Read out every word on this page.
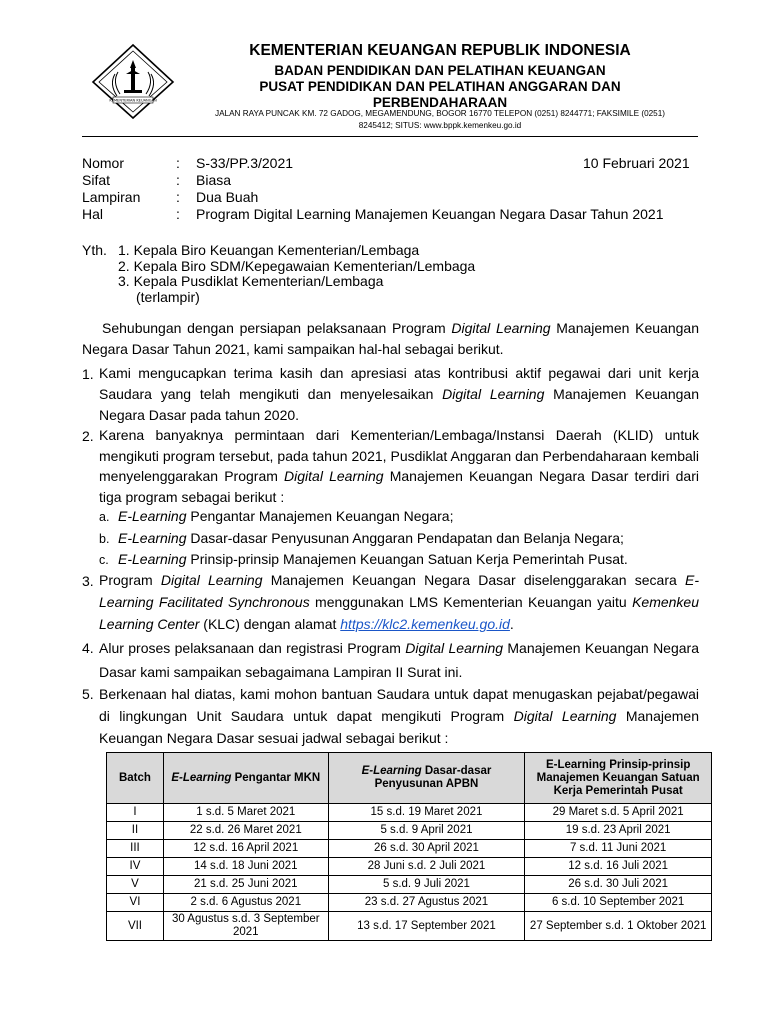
KEMENTERIAN KEUANGAN
KEMENTERIAN KEUANGAN REPUBLIK INDONESIA
BADAN PENDIDIKAN DAN PELATIHAN KEUANGAN
PUSAT PENDIDIKAN DAN PELATIHAN ANGGARAN DAN
PERBENDAHARAAN
JALAN RAYA PUNCAK KM. 72 GADOG, MEGAMENDUNG, BOGOR 16770 TELEPON (0251) 8244771; FAKSIMILE (0251)
8245412; SITUS: www.bppk.kemenkeu.go.id
Nomor	: S-33/PP.3/2021	10 Februari 2021
Sifat	: Biasa
Lampiran	: Dua Buah
Hal	: Program Digital Learning Manajemen Keuangan Negara Dasar Tahun 2021
Yth. 1. Kepala Biro Keuangan Kementerian/Lembaga
2. Kepala Biro SDM/Kepegawaian Kementerian/Lembaga
3. Kepala Pusdiklat Kementerian/Lembaga
(terlampir)
Sehubungan dengan persiapan pelaksanaan Program Digital Learning Manajemen Keuangan Negara Dasar Tahun 2021, kami sampaikan hal-hal sebagai berikut.
1. Kami mengucapkan terima kasih dan apresiasi atas kontribusi aktif pegawai dari unit kerja Saudara yang telah mengikuti dan menyelesaikan Digital Learning Manajemen Keuangan Negara Dasar pada tahun 2020.
2. Karena banyaknya permintaan dari Kementerian/Lembaga/Instansi Daerah (KLID) untuk mengikuti program tersebut, pada tahun 2021, Pusdiklat Anggaran dan Perbendaharaan kembali menyelenggarakan Program Digital Learning Manajemen Keuangan Negara Dasar terdiri dari tiga program sebagai berikut :
a. E-Learning Pengantar Manajemen Keuangan Negara;
b. E-Learning Dasar-dasar Penyusunan Anggaran Pendapatan dan Belanja Negara;
c. E-Learning Prinsip-prinsip Manajemen Keuangan Satuan Kerja Pemerintah Pusat.
3. Program Digital Learning Manajemen Keuangan Negara Dasar diselenggarakan secara E-Learning Facilitated Synchronous menggunakan LMS Kementerian Keuangan yaitu Kemenkeu Learning Center (KLC) dengan alamat https://klc2.kemenkeu.go.id.
4. Alur proses pelaksanaan dan registrasi Program Digital Learning Manajemen Keuangan Negara Dasar kami sampaikan sebagaimana Lampiran II Surat ini.
5. Berkenaan hal diatas, kami mohon bantuan Saudara untuk dapat menugaskan pejabat/pegawai di lingkungan Unit Saudara untuk dapat mengikuti Program Digital Learning Manajemen Keuangan Negara Dasar sesuai jadwal sebagai berikut :
Batch	E-Learning Pengantar MKN	E-Learning Dasar-dasar Penyusunan APBN	E-Learning Prinsip-prinsip Manajemen Keuangan Satuan Kerja Pemerintah Pusat
I	1 s.d. 5 Maret 2021	15 s.d. 19 Maret 2021	29 Maret s.d. 5 April 2021
II	22 s.d. 26 Maret 2021	5 s.d. 9 April 2021	19 s.d. 23 April 2021
III	12 s.d. 16 April 2021	26 s.d. 30 April 2021	7 s.d. 11 Juni 2021
IV	14 s.d. 18 Juni 2021	28 Juni s.d. 2 Juli 2021	12 s.d. 16 Juli 2021
V	21 s.d. 25 Juni 2021	5 s.d. 9 Juli 2021	26 s.d. 30 Juli 2021
VI	2 s.d. 6 Agustus 2021	23 s.d. 27 Agustus 2021	6 s.d. 10 September 2021
VII	30 Agustus s.d. 3 September 2021	13 s.d. 17 September 2021	27 September s.d. 1 Oktober 2021
